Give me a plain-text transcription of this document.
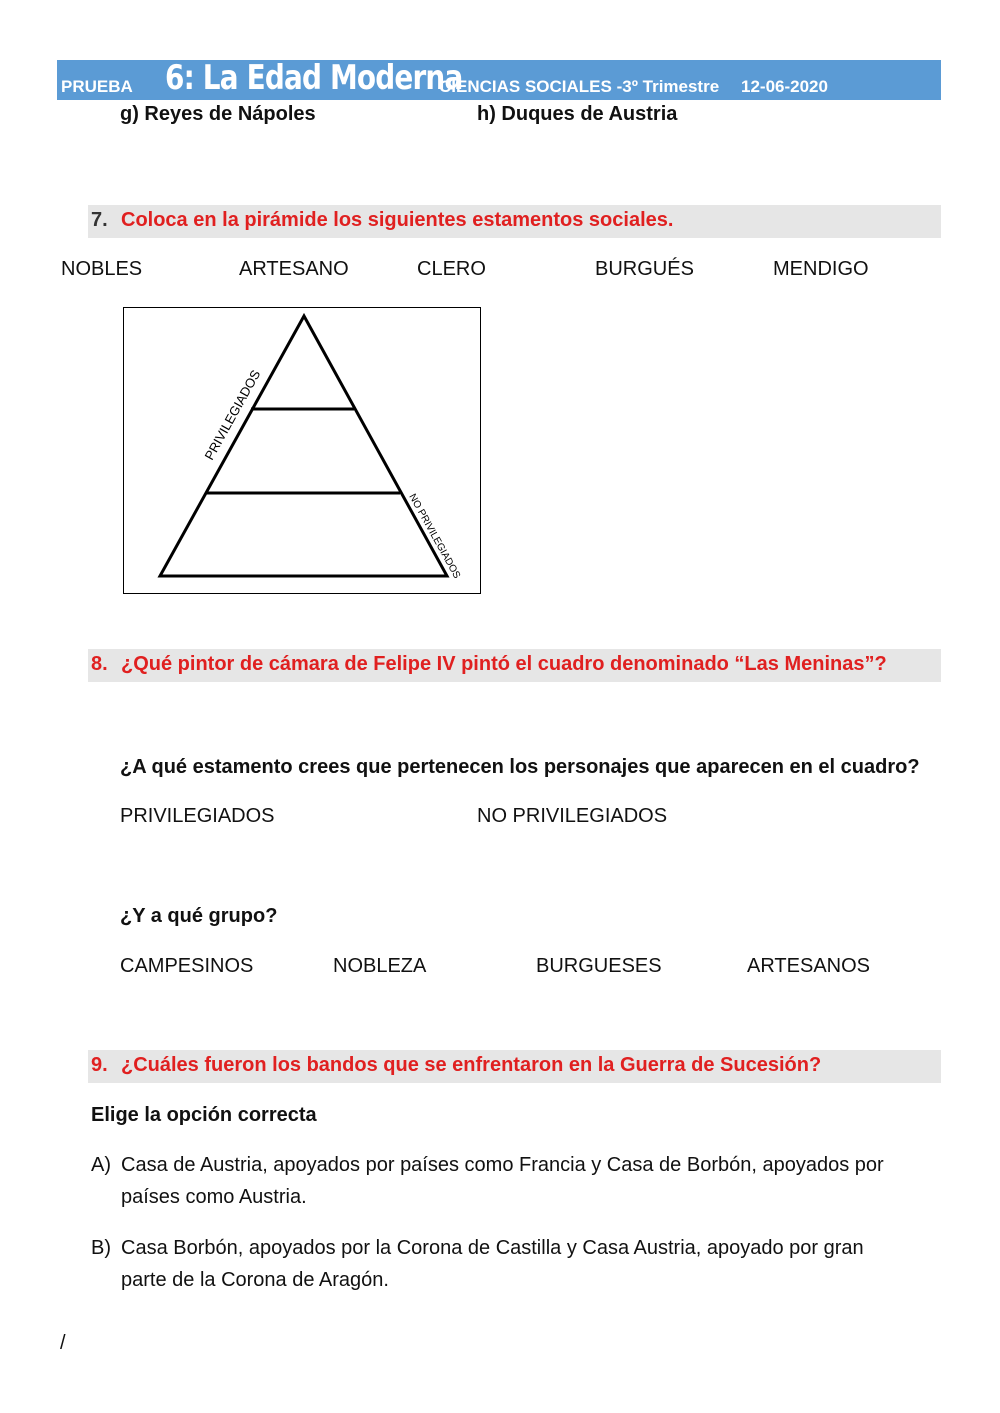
PRUEBA 6: La Edad Moderna
CIENCIAS SOCIALES -3º Trimestre 12-06-2020
g) Reyes de Nápoles	h) Duques de Austria
7. Coloca en la pirámide los siguientes estamentos sociales.
NOBLES	ARTESANO	CLERO	BURGUÉS	MENDIGO
PRIVILEGIADOS
NO PRIVILEGIADOS
8. ¿Qué pintor de cámara de Felipe IV pintó el cuadro denominado “Las Meninas”?
¿A qué estamento crees que pertenecen los personajes que aparecen en el cuadro?
PRIVILEGIADOS	NO PRIVILEGIADOS
¿Y a qué grupo?
CAMPESINOS	NOBLEZA	BURGUESES	ARTESANOS
9. ¿Cuáles fueron los bandos que se enfrentaron en la Guerra de Sucesión?
Elige la opción correcta
A) Casa de Austria, apoyados por países como Francia y Casa de Borbón, apoyados por
países como Austria.
B) Casa Borbón, apoyados por la Corona de Castilla y Casa Austria, apoyado por gran
parte de la Corona de Aragón.
/
